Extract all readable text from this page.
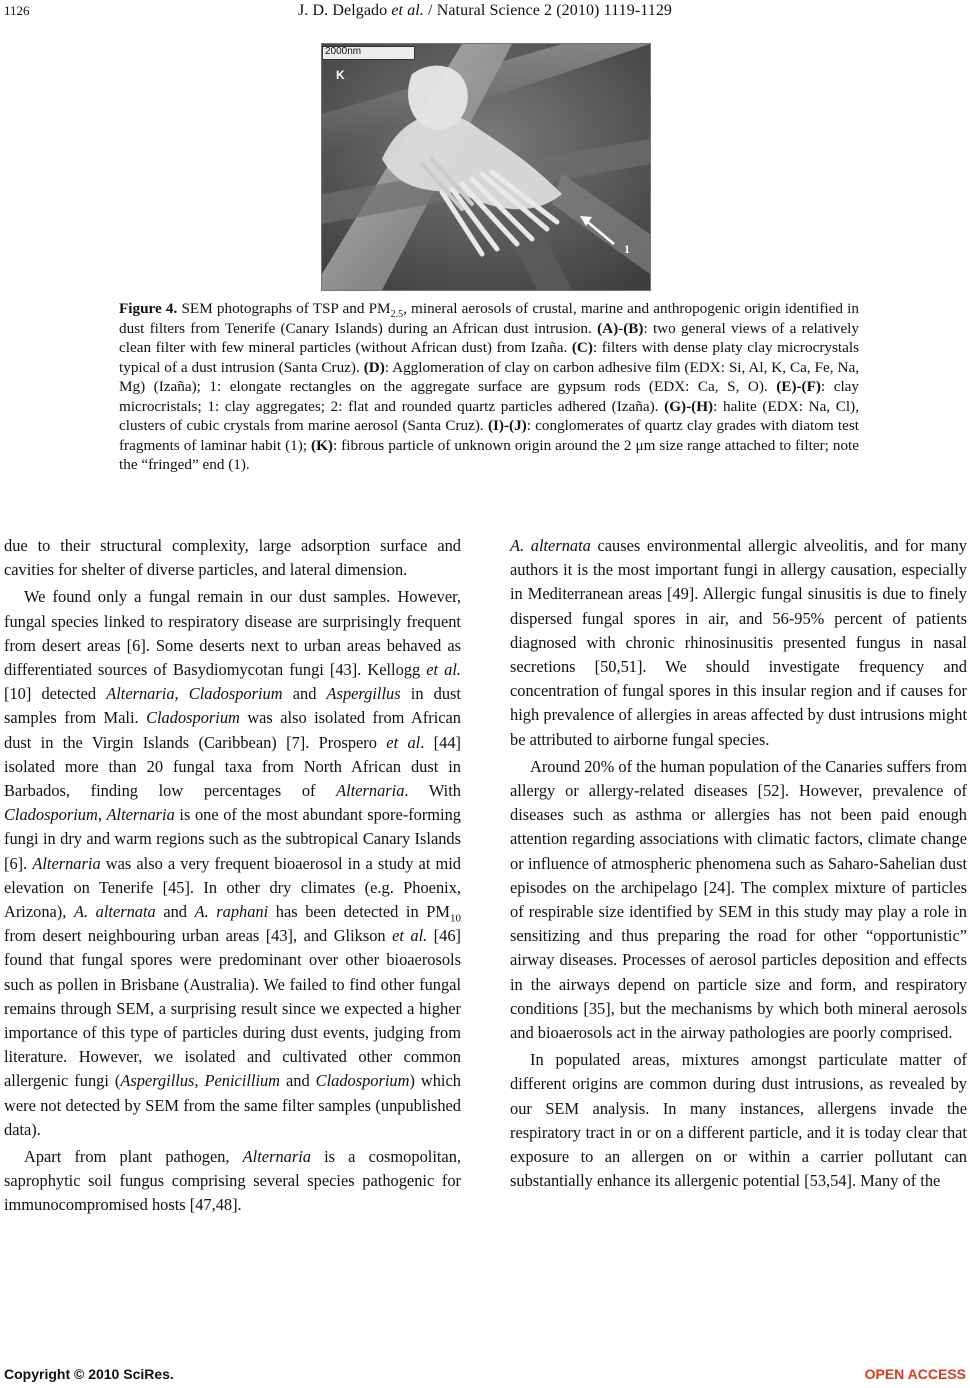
1126	J. D. Delgado et al. / Natural Science 2 (2010) 1119-1129
2000nm
K
1
Figure 4. SEM photographs of TSP and $PM_{2.5}$, mineral aerosols of crustal, marine and anthropogenic origin identified in dust filters from Tenerife (Canary Islands) during an African dust intrusion. (A)-(B): two general views of a relatively clean filter with few mineral particles (without African dust) from Izaña. (C): filters with dense platy clay microcrystals typical of a dust intrusion (Santa Cruz). (D): Agglomeration of clay on carbon adhesive film (EDX: Si, Al, K, Ca, Fe, Na, Mg) (Izaña); 1: elongate rectangles on the aggregate surface are gypsum rods (EDX: Ca, S, O). (E)-(F): clay microcristals; 1: clay aggregates; 2: flat and rounded quartz particles adhered (Izaña). (G)-(H): halite (EDX: Na, Cl), clusters of cubic crystals from marine aerosol (Santa Cruz). (I)-(J): conglomerates of quartz clay grades with diatom test fragments of laminar habit (1); (K): fibrous particle of unknown origin around the 2 μm size range attached to filter; note the “fringed” end (1).

due to their structural complexity, large adsorption surface and cavities for shelter of diverse particles, and lateral dimension.

We found only a fungal remain in our dust samples. However, fungal species linked to respiratory disease are surprisingly frequent from desert areas [6]. Some deserts next to urban areas behaved as differentiated sources of Basydiomycotan fungi [43]. Kellogg et al. [10] detected Alternaria, Cladosporium and Aspergillus in dust samples from Mali. Cladosporium was also isolated from African dust in the Virgin Islands (Caribbean) [7]. Prospero et al. [44] isolated more than 20 fungal taxa from North African dust in Barbados, finding low percentages of Alternaria. With Cladosporium, Alternaria is one of the most abundant spore-forming fungi in dry and warm regions such as the subtropical Canary Islands [6]. Alternaria was also a very frequent bioaerosol in a study at mid elevation on Tenerife [45]. In other dry climates (e.g. Phoenix, Arizona), A. alternata and A. raphani has been detected in $PM_{10}$ from desert neighbouring urban areas [43], and Glikson et al. [46] found that fungal spores were predominant over other bioaerosols such as pollen in Brisbane (Australia). We failed to find other fungal remains through SEM, a surprising result since we expected a higher importance of this type of particles during dust events, judging from literature. However, we isolated and cultivated other common allergenic fungi (Aspergillus, Penicillium and Cladosporium) which were not detected by SEM from the same filter samples (unpublished data).

Apart from plant pathogen, Alternaria is a cosmopolitan, saprophytic soil fungus comprising several species pathogenic for immunocompromised hosts [47,48].

A. alternata causes environmental allergic alveolitis, and for many authors it is the most important fungi in allergy causation, especially in Mediterranean areas [49]. Allergic fungal sinusitis is due to finely dispersed fungal spores in air, and 56-95% percent of patients diagnosed with chronic rhinosinusitis presented fungus in nasal secretions [50,51]. We should investigate frequency and concentration of fungal spores in this insular region and if causes for high prevalence of allergies in areas affected by dust intrusions might be attributed to airborne fungal species.

Around 20% of the human population of the Canaries suffers from allergy or allergy-related diseases [52]. However, prevalence of diseases such as asthma or allergies has not been paid enough attention regarding associations with climatic factors, climate change or influence of atmospheric phenomena such as Saharo-Sahelian dust episodes on the archipelago [24]. The complex mixture of particles of respirable size identified by SEM in this study may play a role in sensitizing and thus preparing the road for other “opportunistic” airway diseases. Processes of aerosol particles deposition and effects in the airways depend on particle size and form, and respiratory conditions [35], but the mechanisms by which both mineral aerosols and bioaerosols act in the airway pathologies are poorly comprised.

In populated areas, mixtures amongst particulate matter of different origins are common during dust intrusions, as revealed by our SEM analysis. In many instances, allergens invade the respiratory tract in or on a different particle, and it is today clear that exposure to an allergen on or within a carrier pollutant can substantially enhance its allergenic potential [53,54]. Many of the

Copyright © 2010 SciRes.	OPEN ACCESS
